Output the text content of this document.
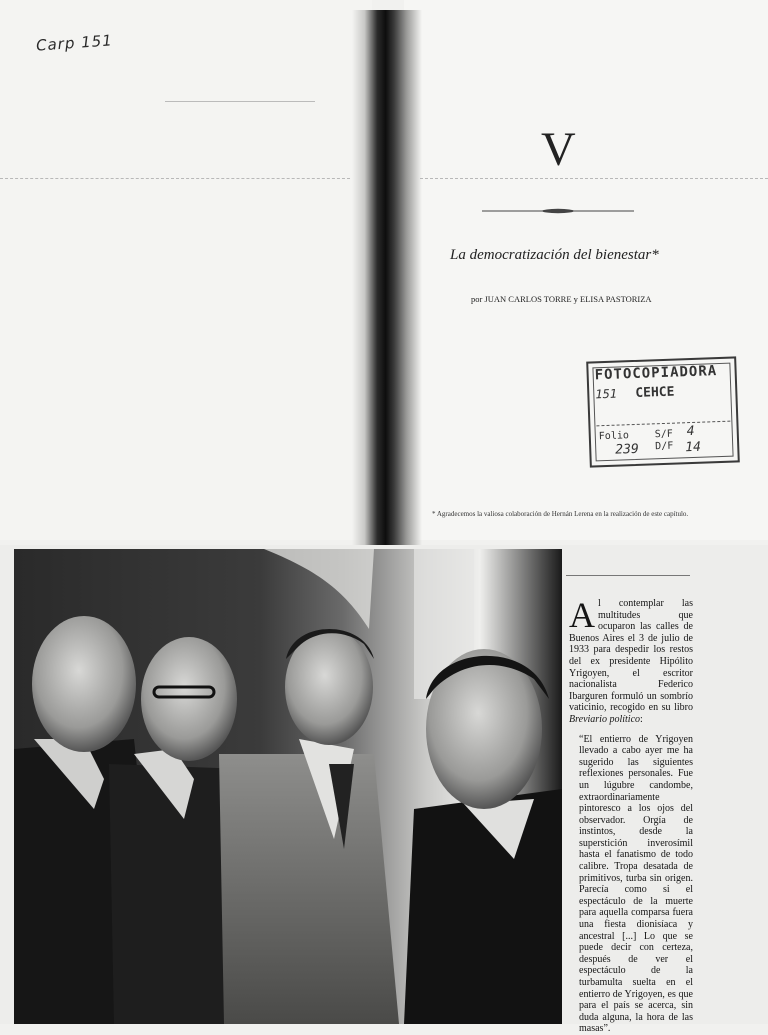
Carp 151
V
La democratización del bienestar*
por JUAN CARLOS TORRE y ELISA PASTORIZA
FOTOCOPIADORA
151 CEHCE
Folio
239
S/F
D/F
4
14
* Agradecemos la valiosa colaboración de Hernán Lerena en la realización de este capítulo.
Al contemplar las multitudes que ocuparon las calles de Buenos Aires el 3 de julio de 1933 para despedir los restos del ex presidente Hipólito Yrigoyen, el escritor nacionalista Federico Ibarguren formuló un sombrío vaticinio, recogido en su libro Breviario político:
“El entierro de Yrigoyen llevado a cabo ayer me ha sugerido las siguientes reflexiones personales. Fue un lúgubre candombe, extraordinariamente pintoresco a los ojos del observador. Orgía de instintos, desde la superstición inverosímil hasta el fanatismo de todo calibre. Tropa desatada de primitivos, turba sin origen. Parecía como si el espectáculo de la muerte para aquella comparsa fuera una fiesta dionisíaca y ancestral [...] Lo que se puede decir con certeza, después de ver el espectáculo de la turbamulta suelta en el entierro de Yrigoyen, es que para el país se acerca, sin duda alguna, la hora de las masas”.
